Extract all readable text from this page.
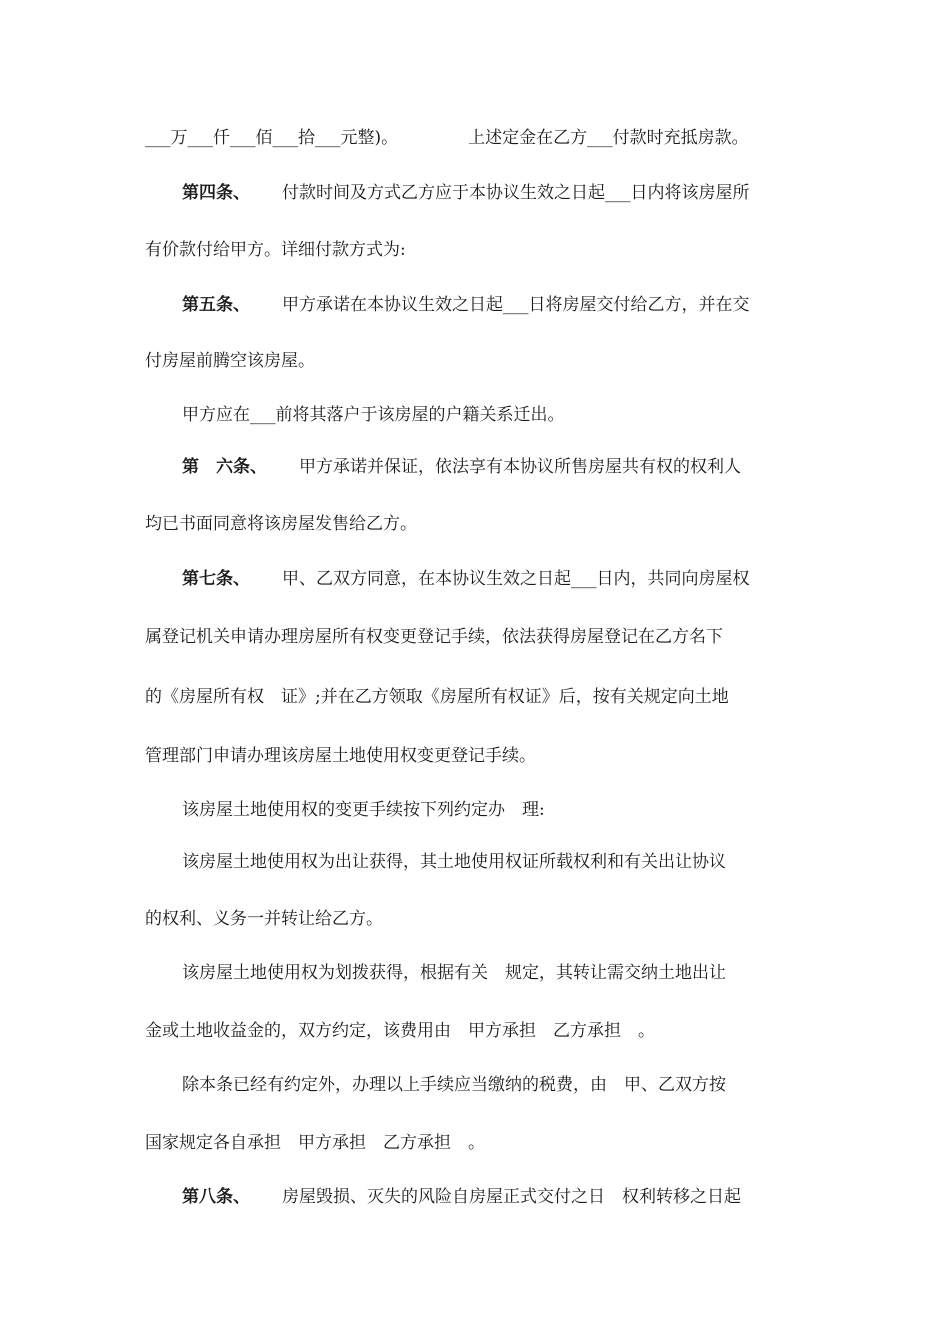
___万___仟___佰___拾___元整)。	上述定金在乙方___付款时充抵房款。
第四条、 付款时间及方式乙方应于本协议生效之日起___日内将该房屋所
有价款付给甲方。详细付款方式为:
第五条、 甲方承诺在本协议生效之日起___日将房屋交付给乙方，并在交
付房屋前腾空该房屋。
甲方应在___前将其落户于该房屋的户籍关系迁出。
第　六条、 甲方承诺并保证，依法享有本协议所售房屋共有权的权利人
均已书面同意将该房屋发售给乙方。
第七条、 甲、乙双方同意，在本协议生效之日起___日内，共同向房屋权
属登记机关申请办理房屋所有权变更登记手续，依法获得房屋登记在乙方名下
的《房屋所有权　证》;并在乙方领取《房屋所有权证》后，按有关规定向土地
管理部门申请办理该房屋土地使用权变更登记手续。
该房屋土地使用权的变更手续按下列约定办　理:
该房屋土地使用权为出让获得，其土地使用权证所载权利和有关出让协议
的权利、义务一并转让给乙方。
该房屋土地使用权为划拨获得，根据有关　规定，其转让需交纳土地出让
金或土地收益金的，双方约定，该费用由　甲方承担　乙方承担　。
除本条已经有约定外，办理以上手续应当缴纳的税费，由　甲、乙双方按
国家规定各自承担　甲方承担　乙方承担　。
第八条、 房屋毁损、灭失的风险自房屋正式交付之日　权利转移之日起
